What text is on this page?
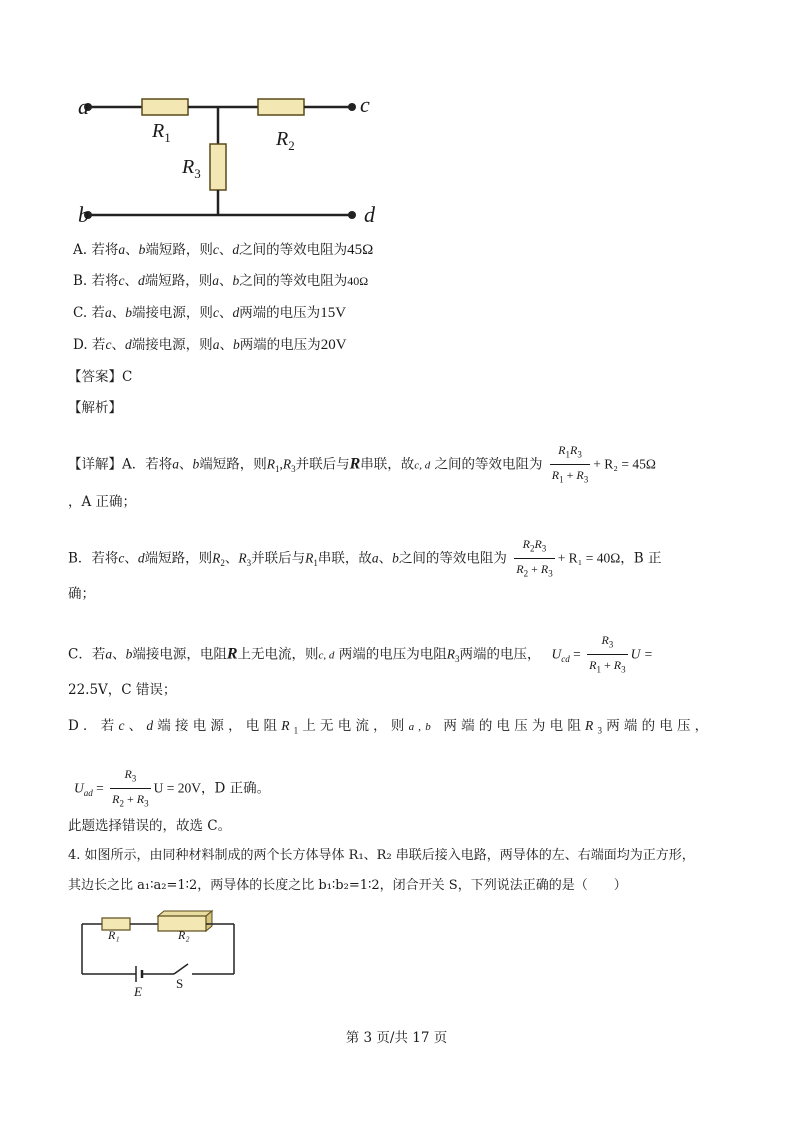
a	c
b	d
$R_1$	$R_2$
$R_3$
A. 若将a、b端短路，则c、d之间的等效电阻为45Ω
B. 若将c、d端短路，则a、b之间的等效电阻为40Ω
C. 若a、b端接电源，则c、d两端的电压为15V
D. 若c、d端接电源，则a、b两端的电压为20V
【答案】C
【解析】
【详解】A．若将a、b端短路，则$R_1,R_3$并联后与R串联，故c, d 之间的等效电阻为 $\frac{R_1R_3}{R_1 + R_3} + R_2 = 45\Omega$
，A 正确；
B．若将c、d端短路，则$R_2$、$R_3$并联后与$R_1$串联，故a、b之间的等效电阻为 $\frac{R_2R_3}{R_2 + R_3} + R_1 = 40\Omega$，B 正
确；
C．若a、b端接电源，电阻R上无电流，则c, d 两端的电压为电阻$R_3$两端的电压，　 $U_{cd} = \frac{R_3}{R_1 + R_3}$ U =
22.5V，C 错误；
D．若c、d端接电源，电阻$R_1$上无电流，则a,b 两端的电压为电阻$R_3$两端的电压，
$U_{ad} = \frac{R_3}{R_2 + R_3}$ U = 20V，D 正确。
此题选择错误的，故选 C。
4. 如图所示，由同种材料制成的两个长方体导体 R₁、R₂ 串联后接入电路，两导体的左、右端面均为正方形，
其边长之比 a₁∶a₂=1∶2，两导体的长度之比 b₁∶b₂=1∶2，闭合开关 S，下列说法正确的是（　　）
R₁	R₂
E
S
第 3 页/共 17 页
